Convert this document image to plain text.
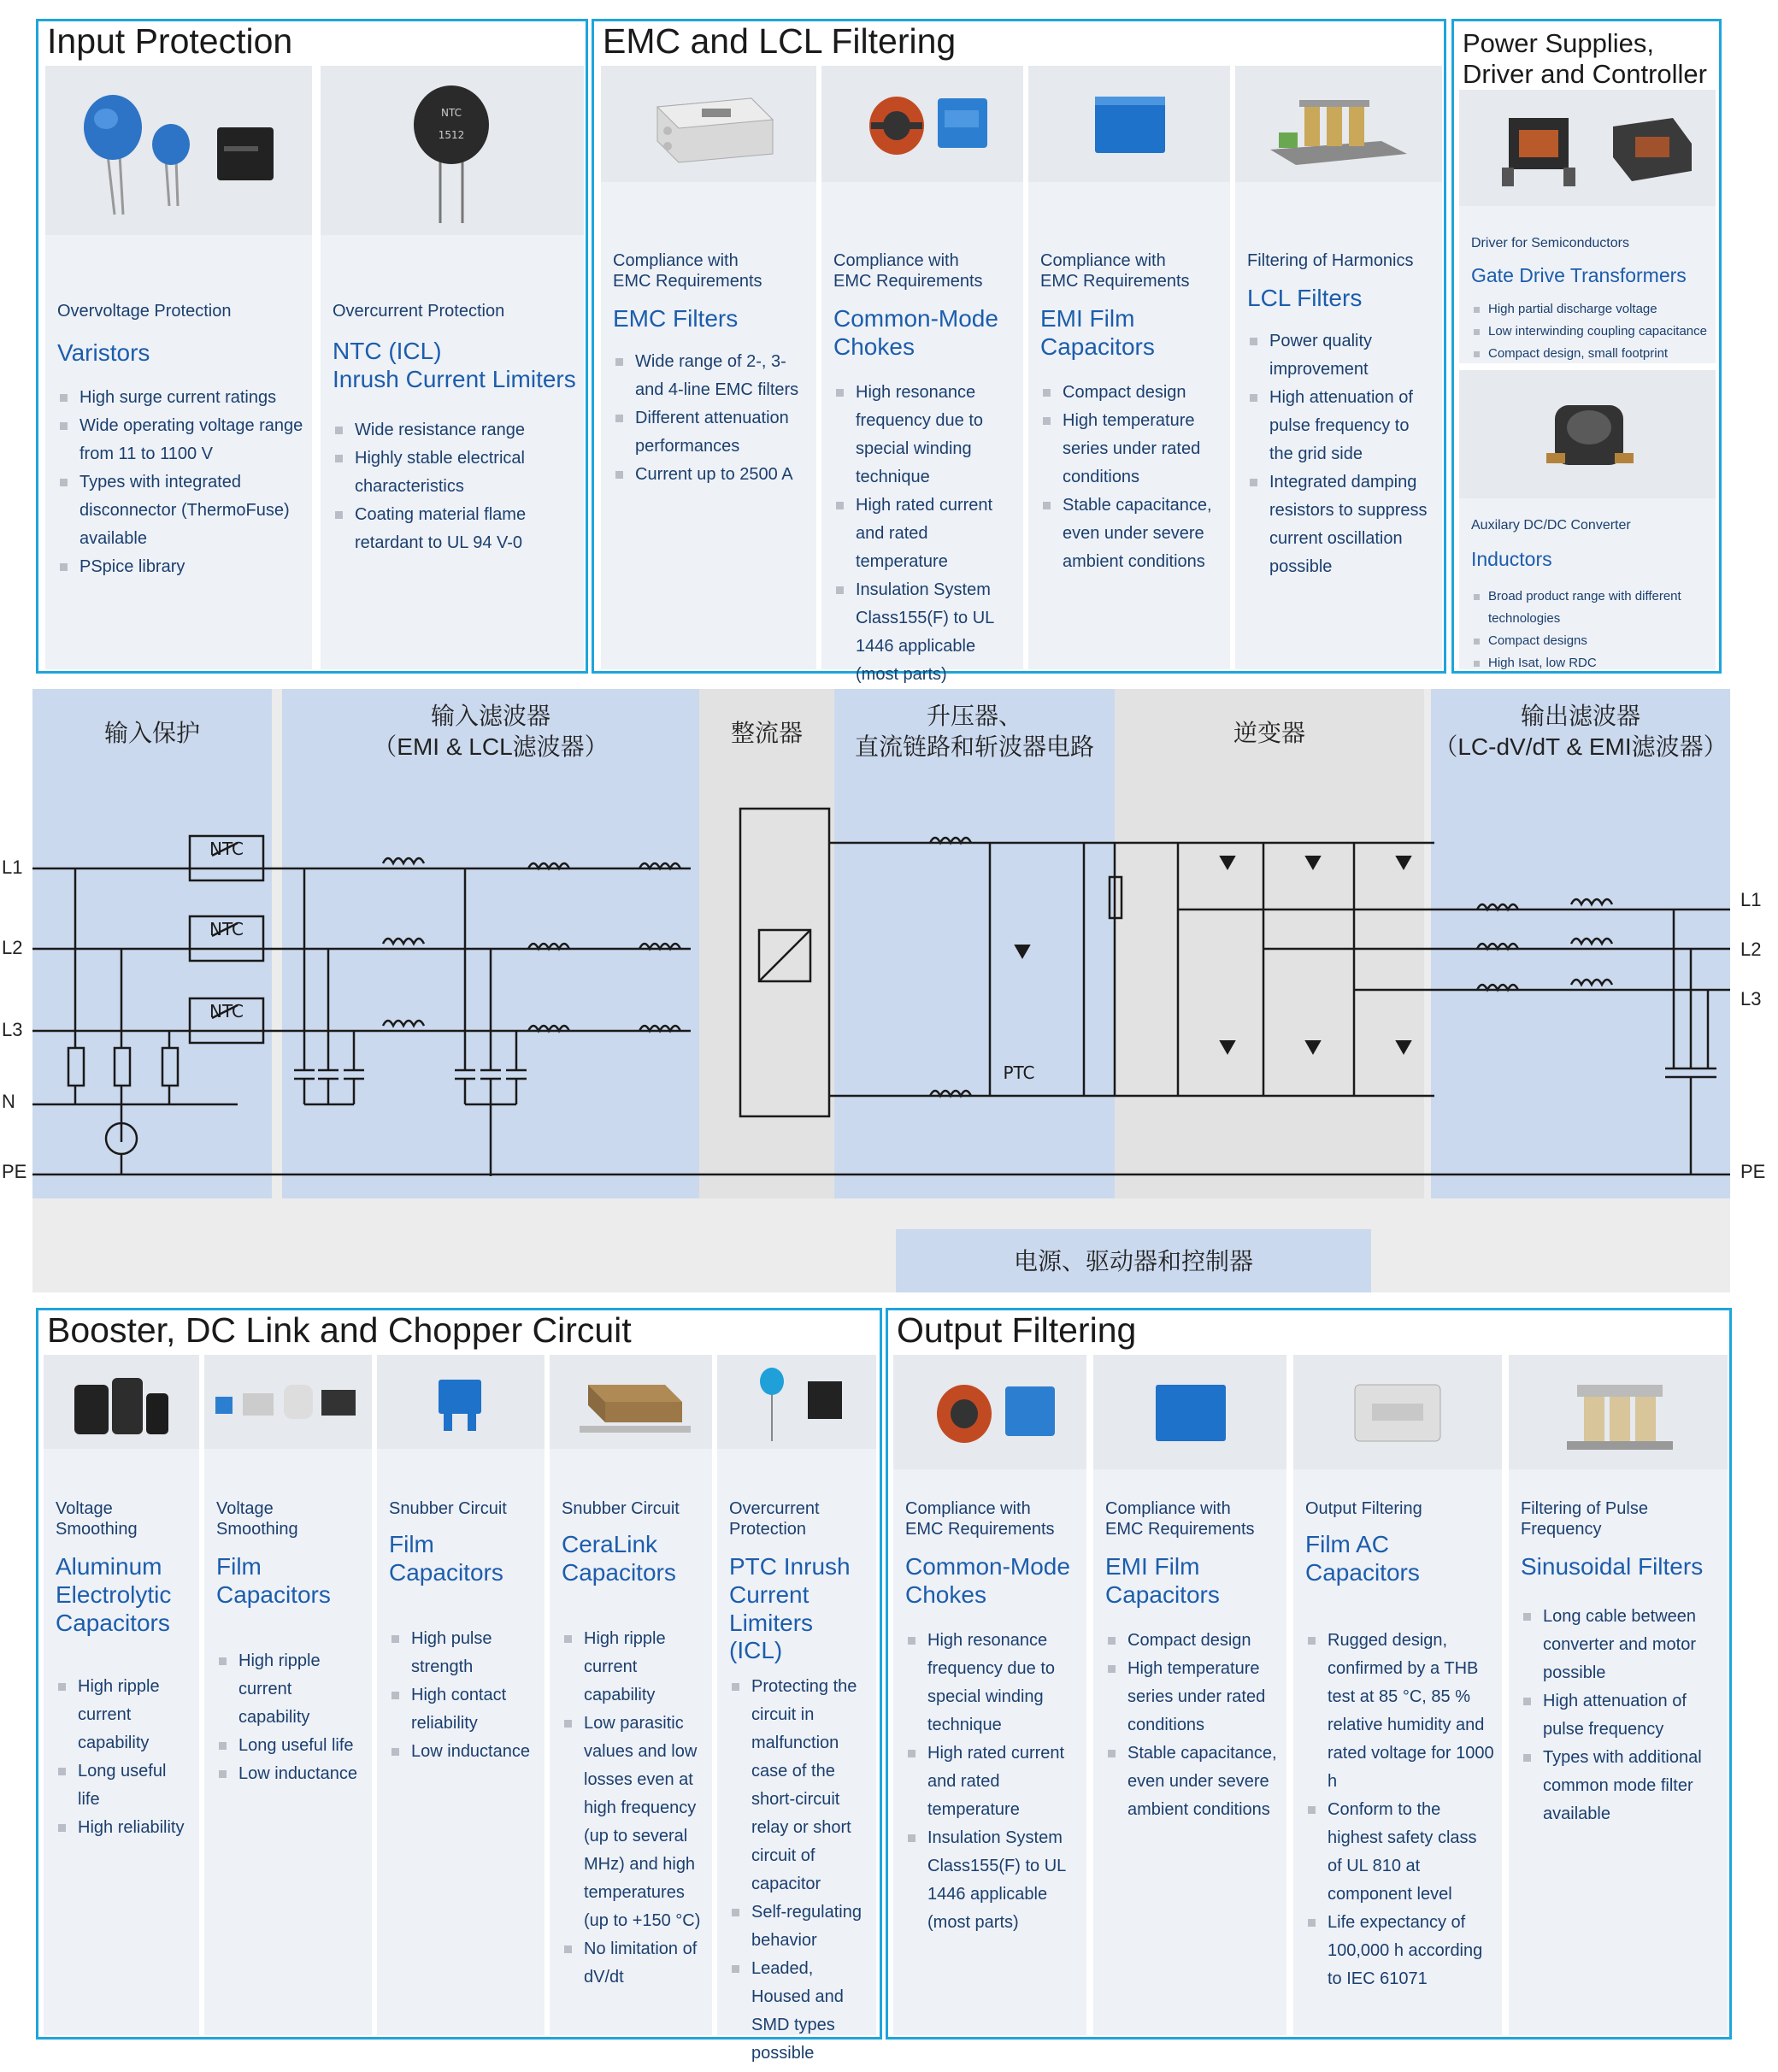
Input Protection
Overvoltage Protection
Varistors
High surge current ratings
Wide operating voltage range from 11 to 1100 V
Types with integrated disconnector (ThermoFuse) available
PSpice library
NTC
1512
Overcurrent Protection
NTC (ICL)
Inrush Current Limiters
Wide resistance range
Highly stable electrical characteristics
Coating material flame retardant to UL 94 V-0
EMC and LCL Filtering
Compliance with
EMC Requirements
EMC Filters
Wide range of 2-, 3- and 4-line EMC filters
Different attenuation performances
Current up to 2500 A
Compliance with
EMC Requirements
Common-Mode
Chokes
High resonance frequency due to special winding technique
High rated current and rated temperature
Insulation System Class155(F) to UL 1446 applicable (most parts)
Compliance with
EMC Requirements
EMI Film
Capacitors
Compact design
High temperature series under rated conditions
Stable capacitance, even under severe ambient conditions
Filtering of Harmonics
LCL Filters
Power quality improvement
High attenuation of pulse frequency to the grid side
Integrated damping resistors to suppress current oscillation possible
Power Supplies,
Driver and Controller
Driver for Semiconductors
Gate Drive Transformers
High partial discharge voltage
Low interwinding coupling capacitance
Compact design, small footprint
Auxilary DC/DC Converter
Inductors
Broad product range with different technologies
Compact designs
High Isat, low RDC
输入保护
输入滤波器
（EMI & LCL滤波器）
整流器
升压器、
直流链路和斩波器电路
逆变器
输出滤波器
（LC-dV/dT & EMI滤波器）
电源、驱动器和控制器
L1
L2
L3
N
PE
L1
L2
L3
PE
NTC
NTC
NTC
PTC
Booster, DC Link and Chopper Circuit
Voltage
Smoothing
Aluminum
Electrolytic
Capacitors
High ripple current capability
Long useful life
High reliability
Voltage
Smoothing
Film
Capacitors
High ripple current capability
Long useful life
Low inductance
Snubber Circuit
Film
Capacitors
High pulse strength
High contact reliability
Low inductance
Snubber Circuit
CeraLink
Capacitors
High ripple current capability
Low parasitic values and low losses even at high frequency (up to several MHz) and high temperatures (up to +150 °C)
No limitation of dV/dt
Overcurrent
Protection
PTC Inrush
Current
Limiters (ICL)
Protecting the circuit in malfunction case of the short-circuit relay or short circuit of capacitor
Self-regulating behavior
Leaded, Housed and SMD types possible
Output Filtering
Compliance with
EMC Requirements
Common-Mode
Chokes
High resonance frequency due to special winding technique
High rated current and rated temperature
Insulation System Class155(F) to UL 1446 applicable (most parts)
Compliance with
EMC Requirements
EMI Film
Capacitors
Compact design
High temperature series under rated conditions
Stable capacitance, even under severe ambient conditions
Output Filtering
Film AC
Capacitors
Rugged design, confirmed by a THB test at 85 °C, 85 % relative humidity and rated voltage for 1000 h
Conform to the highest safety class of UL 810 at component level
Life expectancy of 100,000 h according to IEC 61071
Filtering of Pulse
Frequency
Sinusoidal Filters
Long cable between converter and motor possible
High attenuation of pulse frequency
Types with additional common mode filter available
